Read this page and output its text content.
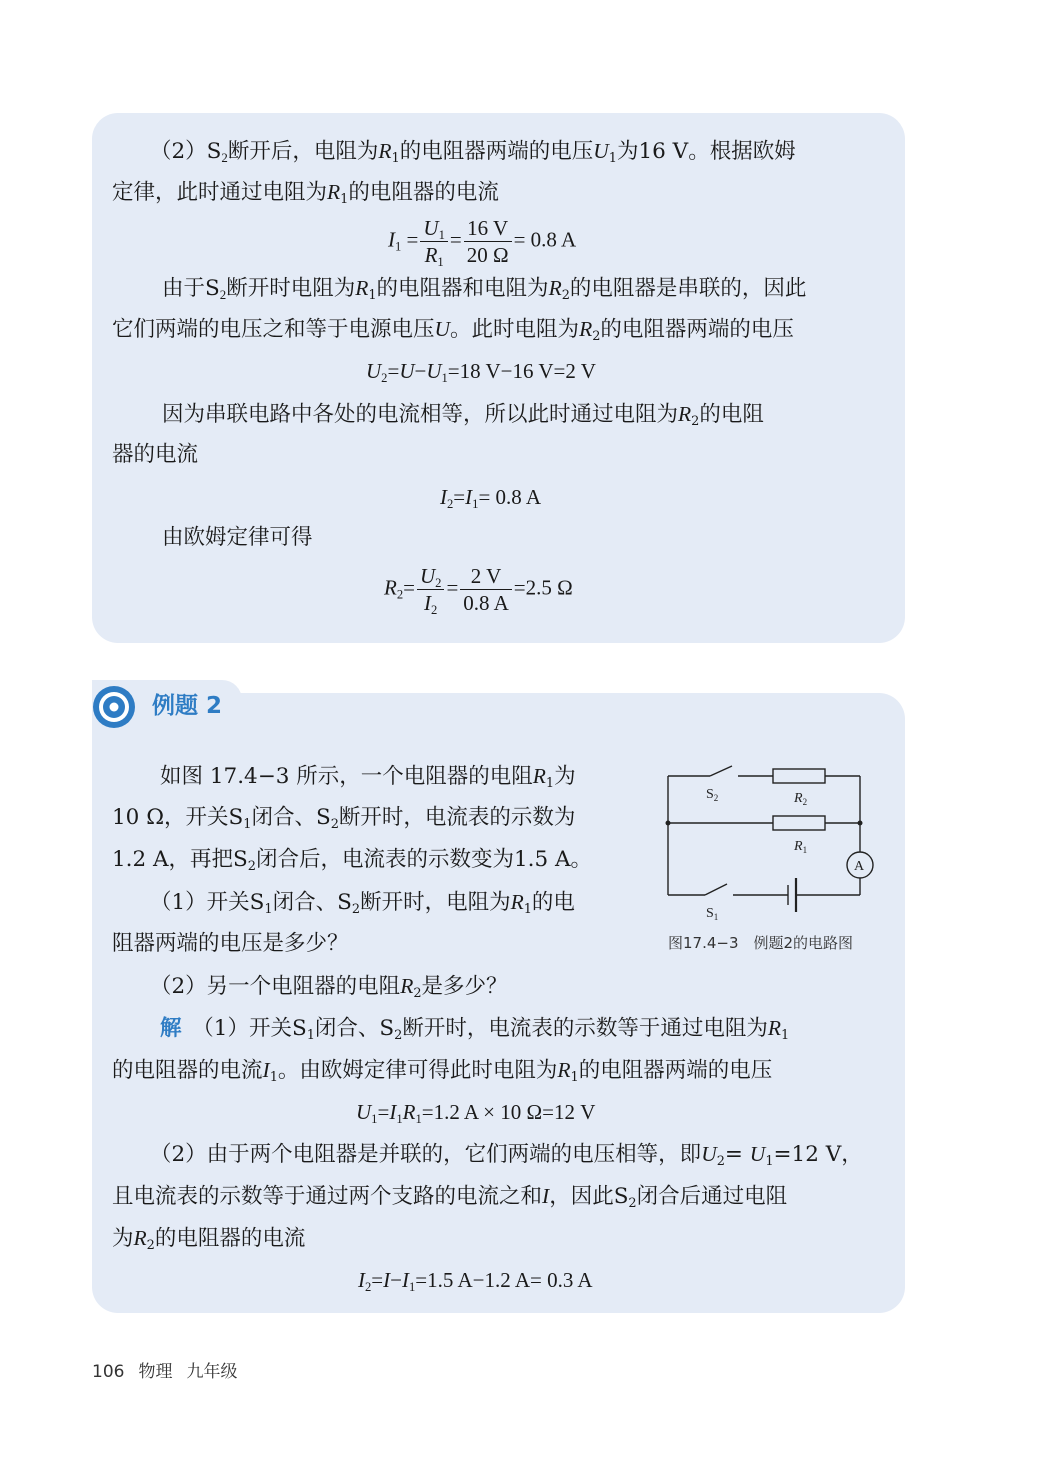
$(2)S_2$断开后，电阻为$R_1$的电阻器两端的电压$U_1$为16 V。根据欧姆
定律，此时通过电阻为$R_1$的电阻器的电流
$I_1 = \frac{U_1}{R_1} = \frac{16 V}{20 \Omega} = 0.8$ A
由于$S_2$断开时电阻为$R_1$的电阻器和电阻为$R_2$的电阻器是串联的，因此
它们两端的电压之和等于电源电压U。此时电阻为$R_2$的电阻器两端的电压
$U_2=U-U_1=18$ V−16 V=2 V
因为串联电路中各处的电流相等，所以此时通过电阻为$R_2$的电阻
器的电流
$I_2=I_1= 0.8$ A
由欧姆定律可得
$R_2= \frac{U_2}{I_2} = \frac{2 V}{0.8 A} =2.5$ Ω
例题 2
如图 17.4−3 所示，一个电阻器的电阻$R_1$为
10 Ω，开关$S_1$闭合、$S_2$断开时，电流表的示数为
1.2 A，再把$S_2$闭合后，电流表的示数变为1.5 A。
（1）开关$S_1$闭合、$S_2$断开时，电阻为$R_1$的电
阻器两端的电压是多少？
（2）另一个电阻器的电阻$R_2$是多少？
解　 （1）开关$S_1$闭合、$S_2$断开时，电流表的示数等于通过电阻为$R_1$
的电阻器的电流$I_1$。由欧姆定律可得此时电阻为$R_1$的电阻器两端的电压
$U_1=I_1R_1=1.2$ A × 10 Ω=12 V
（2）由于两个电阻器是并联的，它们两端的电压相等，即$U_2= U_1=12$ V，
且电流表的示数等于通过两个支路的电流之和I，因此$S_2$闭合后通过电阻
为$R_2$的电阻器的电流
$I_2=I-I_1=1.5$ A−1.2 A= 0.3 A
$S_2$	$R_2$
$R_1$
A
$S_1$
图17.4−3　例题2的电路图
106 物理 九年级
